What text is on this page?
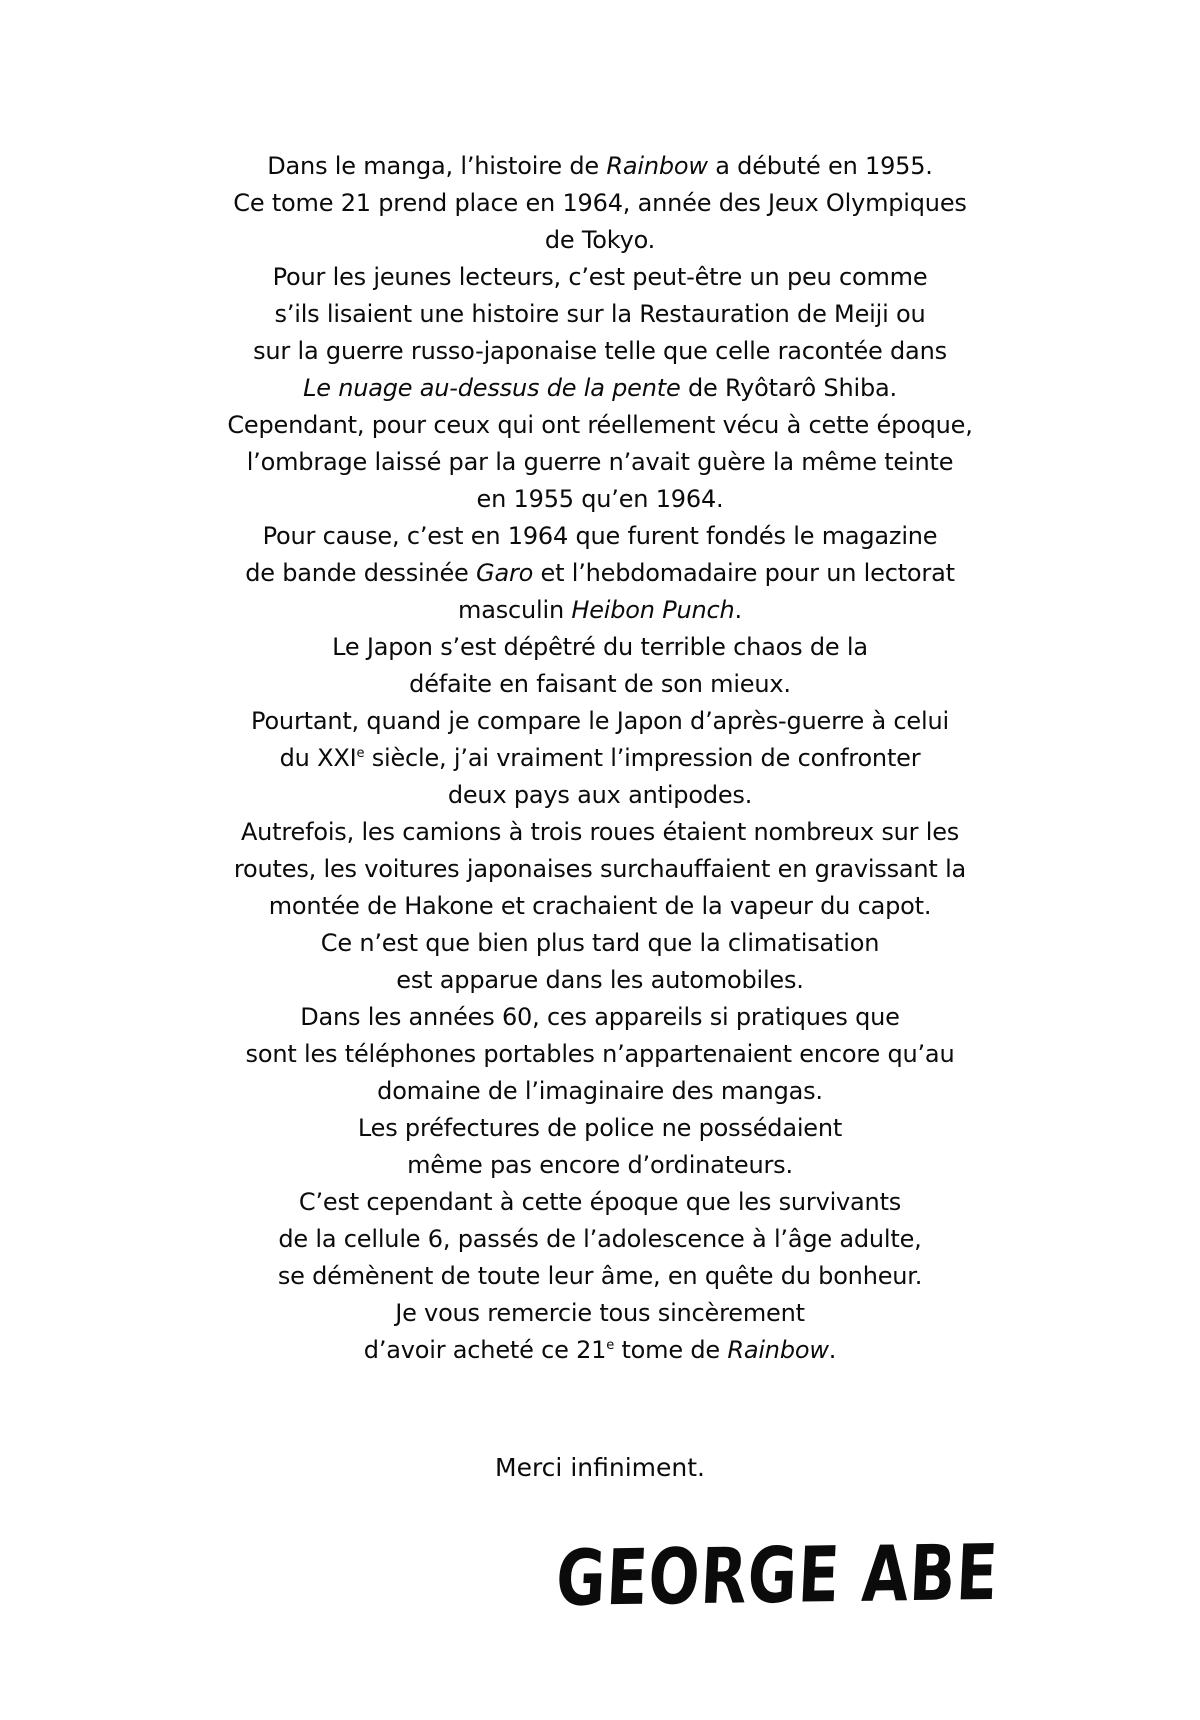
Dans le manga, l’histoire de Rainbow a débuté en 1955.
Ce tome 21 prend place en 1964, année des Jeux Olympiques
de Tokyo.
Pour les jeunes lecteurs, c’est peut-être un peu comme
s’ils lisaient une histoire sur la Restauration de Meiji ou
sur la guerre russo-japonaise telle que celle racontée dans
Le nuage au-dessus de la pente de Ryôtarô Shiba.
Cependant, pour ceux qui ont réellement vécu à cette époque,
l’ombrage laissé par la guerre n’avait guère la même teinte
en 1955 qu’en 1964.
Pour cause, c’est en 1964 que furent fondés le magazine
de bande dessinée Garo et l’hebdomadaire pour un lectorat
masculin Heibon Punch.
Le Japon s’est dépêtré du terrible chaos de la
défaite en faisant de son mieux.
Pourtant, quand je compare le Japon d’après-guerre à celui
du XXIe siècle, j’ai vraiment l’impression de confronter
deux pays aux antipodes.
Autrefois, les camions à trois roues étaient nombreux sur les
routes, les voitures japonaises surchauffaient en gravissant la
montée de Hakone et crachaient de la vapeur du capot.
Ce n’est que bien plus tard que la climatisation
est apparue dans les automobiles.
Dans les années 60, ces appareils si pratiques que
sont les téléphones portables n’appartenaient encore qu’au
domaine de l’imaginaire des mangas.
Les préfectures de police ne possédaient
même pas encore d’ordinateurs.
C’est cependant à cette époque que les survivants
de la cellule 6, passés de l’adolescence à l’âge adulte,
se démènent de toute leur âme, en quête du bonheur.
Je vous remercie tous sincèrement
d’avoir acheté ce 21e tome de Rainbow.
Merci infiniment.
GEORGE ABE
